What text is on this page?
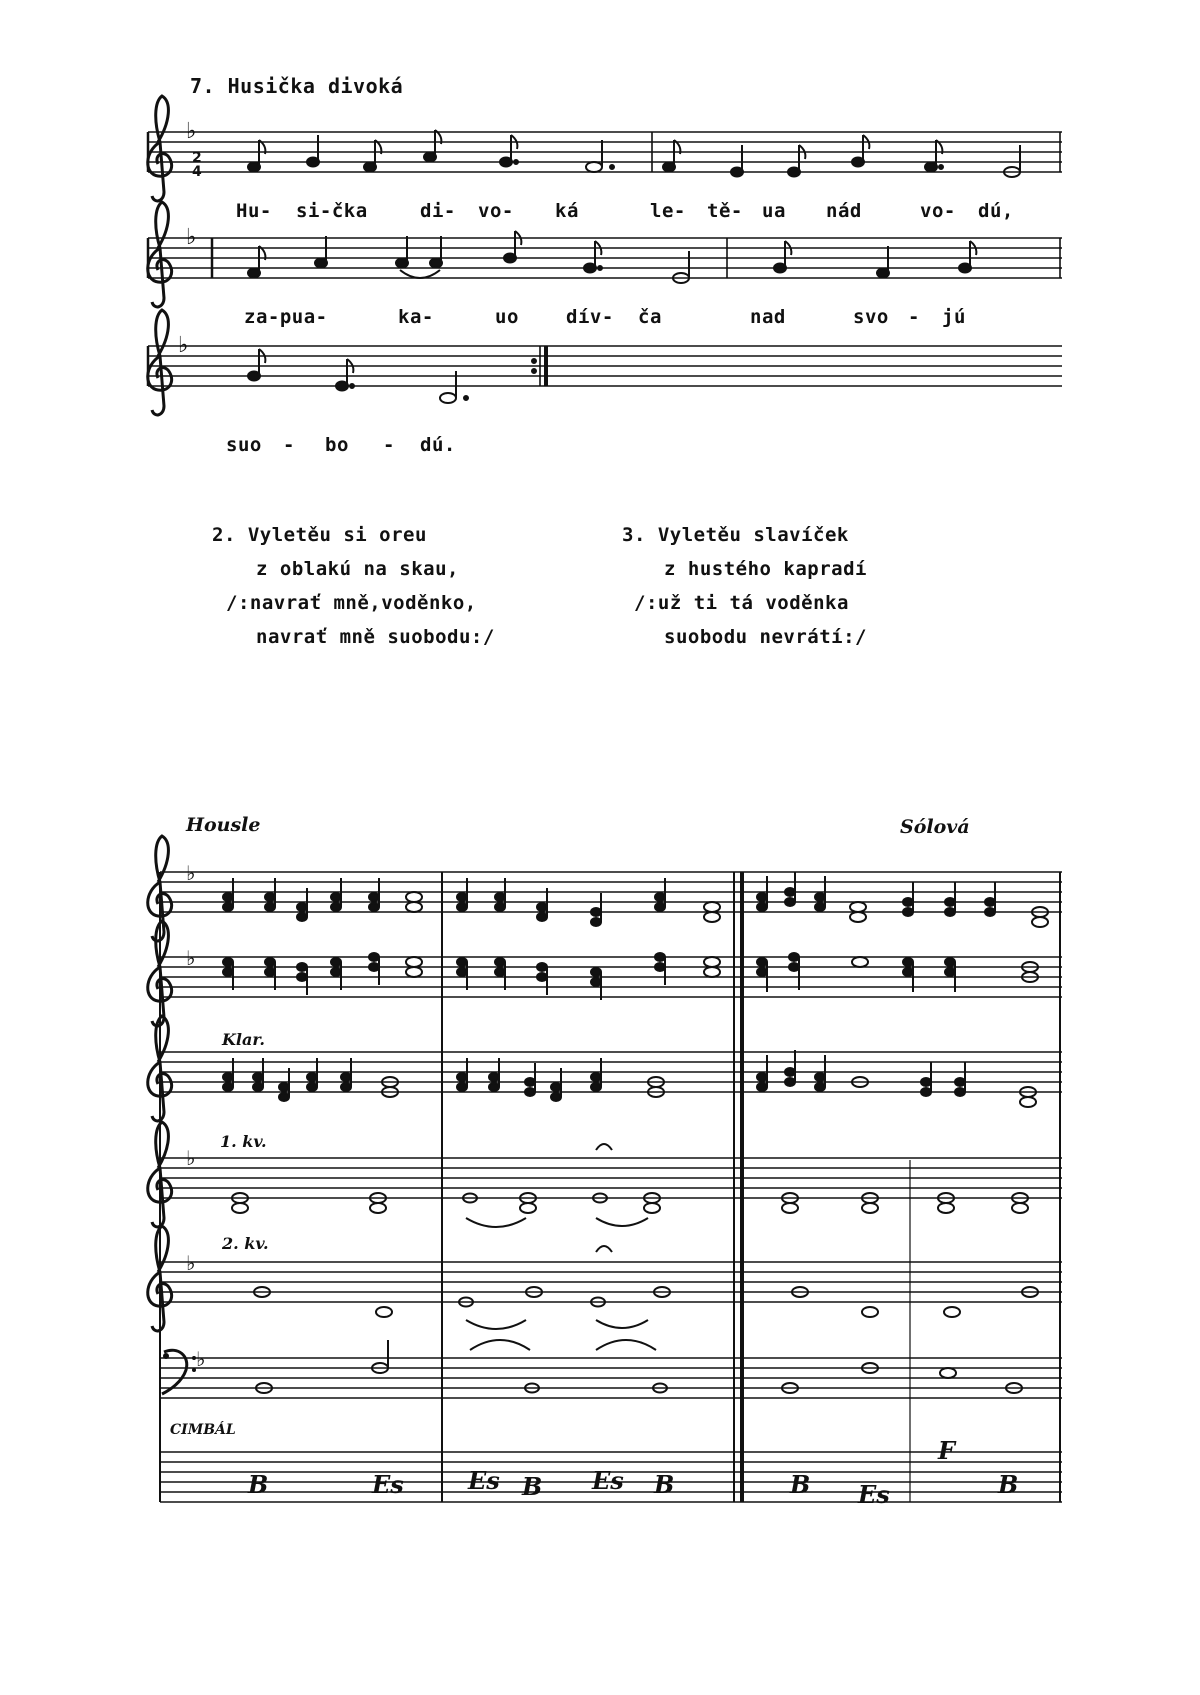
7. Husička divoká
Hu- si-čka	di- vo- ká	le- tě- ua nád	vo- dú,
za-pua-	ka-	uo dív- ča	nad	svo - jú
suo - bo - dú.
2. Vyletěu si oreu
z oblakú na skau,
/:navrať mně,voděnko,
navrať mně suobodu:/
3. Vyletěu slavíček
z hustého kapradí
/:už ti tá voděnka
suobodu nevrátí:/
Housle	Sólová
Klar.
1. kv.
2. kv.
CIMBÁL
B	Es	Es B Es B	B Es
F
B
♭
♭
♭
2
4
♭
♭
♭
♭
♭
